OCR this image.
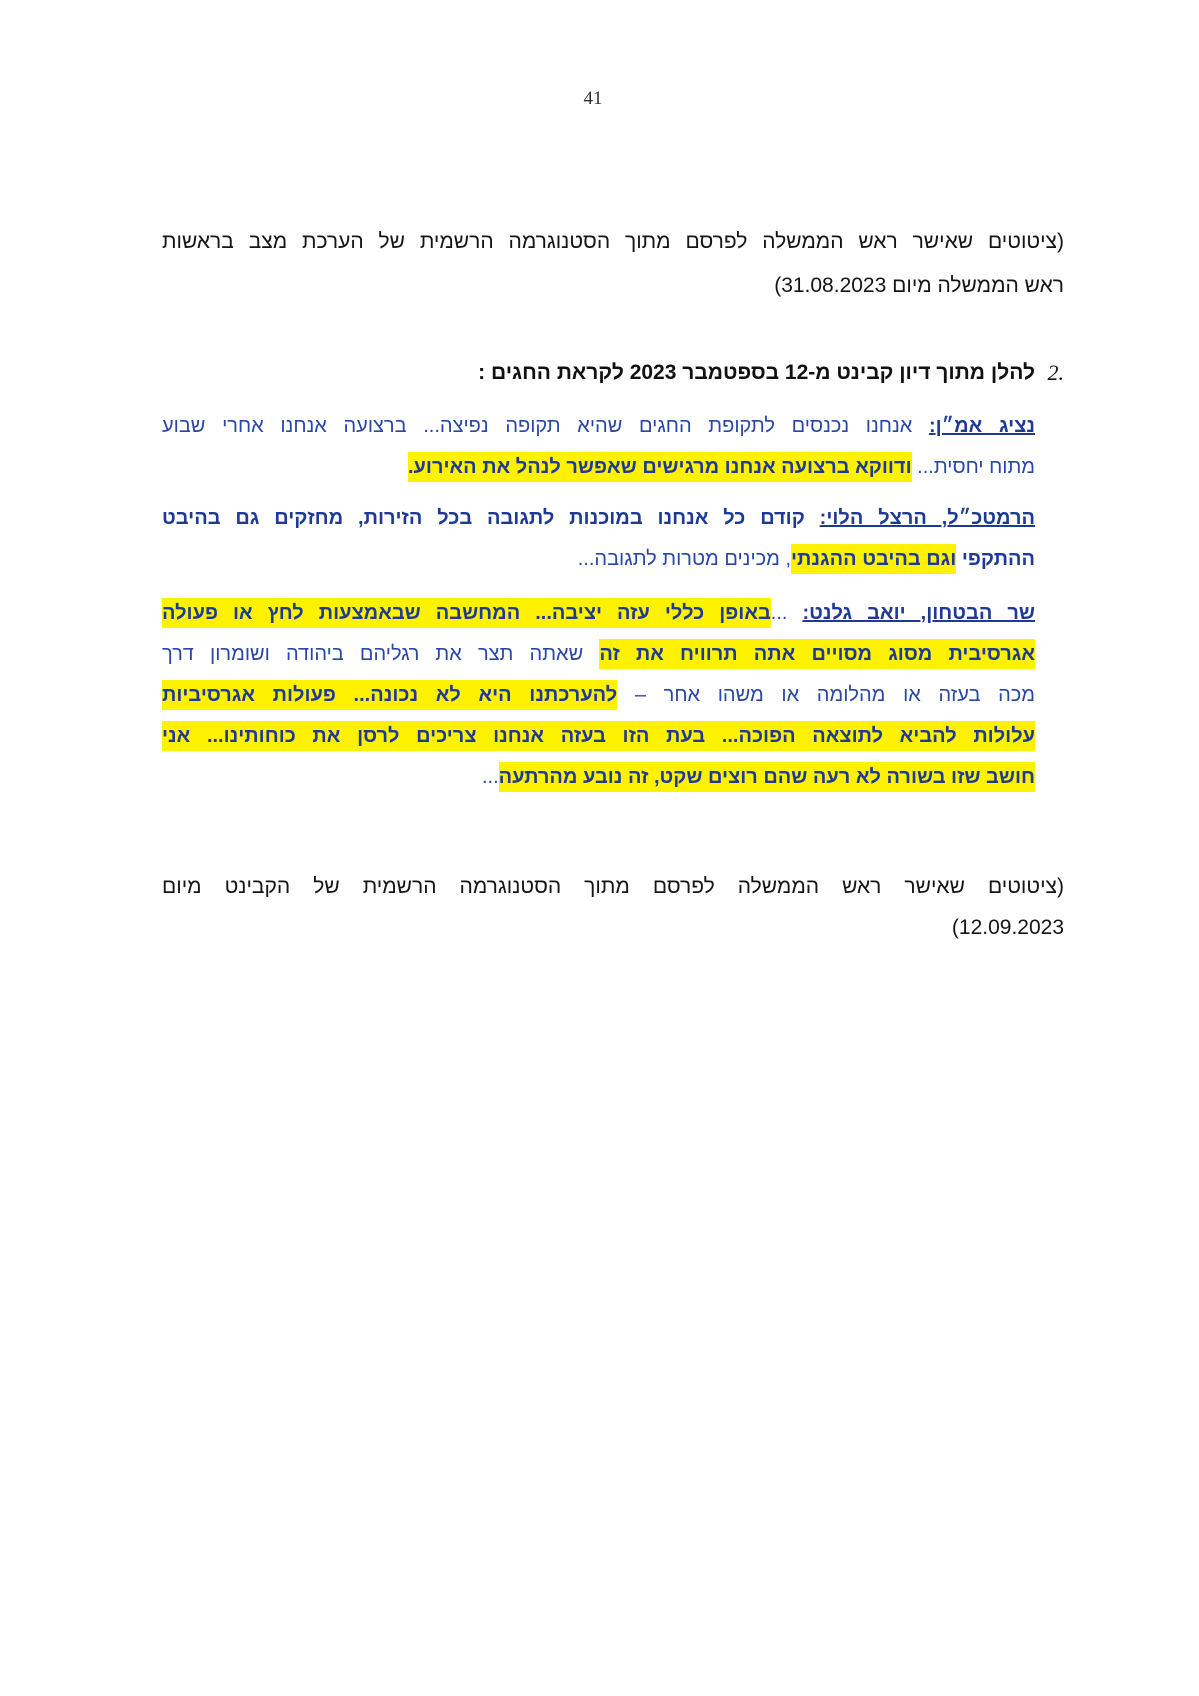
41
(ציטוטים שאישר ראש הממשלה לפרסם מתוך הסטנוגרמה הרשמית של הערכת מצב בראשות
ראש הממשלה מיום 31.08.2023)
2.
להלן מתוך דיון קבינט מ-12 בספטמבר 2023 לקראת החגים :
נציג אמ״ן: אנחנו נכנסים לתקופת החגים שהיא תקופה נפיצה... ברצועה אנחנו אחרי שבוע
מתוח יחסית... ודווקא ברצועה אנחנו מרגישים שאפשר לנהל את האירוע.
הרמטכ״ל, הרצל הלוי: קודם כל אנחנו במוכנות לתגובה בכל הזירות, מחזקים גם בהיבט
ההתקפי וגם בהיבט ההגנתי, מכינים מטרות לתגובה...
שר הבטחון, יואב גלנט: ...באופן כללי עזה יציבה... המחשבה שבאמצעות לחץ או פעולה
אגרסיבית מסוג מסויים אתה תרוויח את זה שאתה תצר את רגליהם ביהודה ושומרון דרך
מכה בעזה או מהלומה או משהו אחר – להערכתנו היא לא נכונה... פעולות אגרסיביות
עלולות להביא לתוצאה הפוכה... בעת הזו בעזה אנחנו צריכים לרסן את כוחותינו... אני
חושב שזו בשורה לא רעה שהם רוצים שקט, זה נובע מהרתעה...
(ציטוטים שאישר ראש הממשלה לפרסם מתוך הסטנוגרמה הרשמית של הקבינט מיום
12.09.2023)
